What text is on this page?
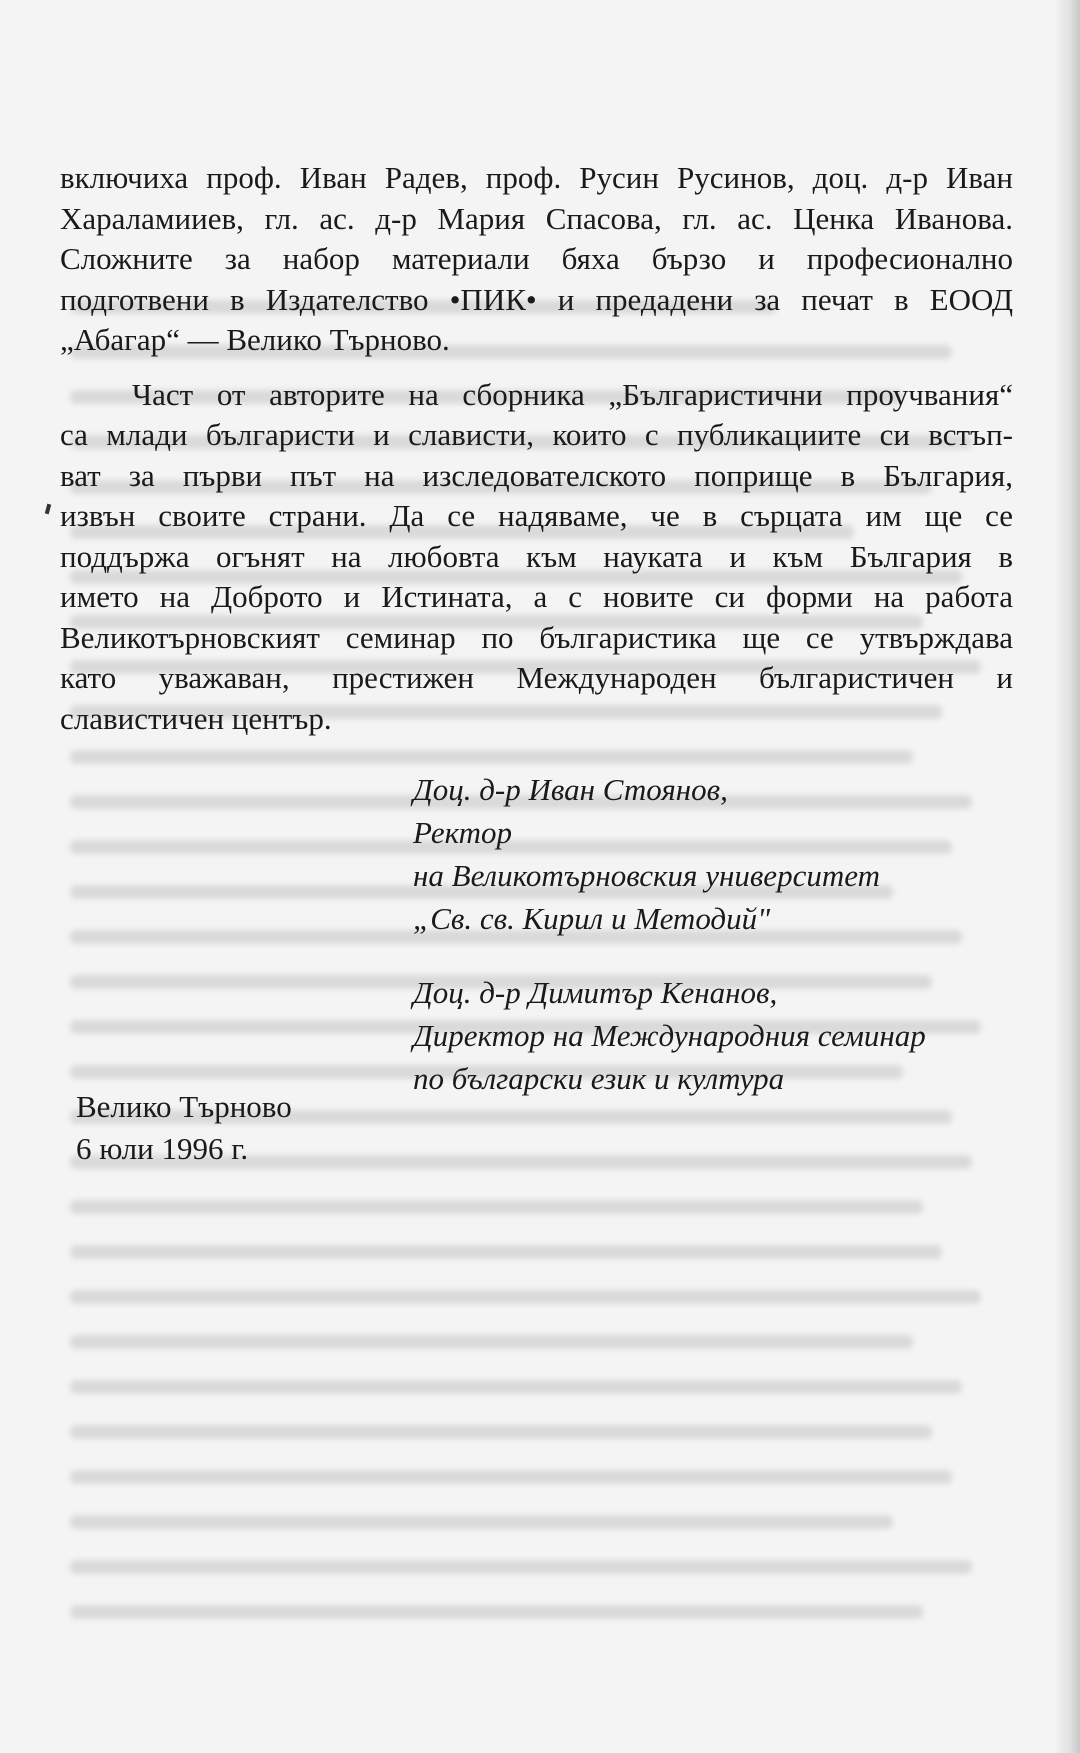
включиха проф. Иван Радев, проф. Русин Русинов, доц. д-р Иван
Хараламииев, гл. ас. д-р Мария Спасова, гл. ас. Ценка Иванова.
Сложните за набор материали бяха бързо и професионално
подготвени в Издателство •ПИК• и предадени за печат в ЕООД
„Абагар“ — Велико Търново.

Част от авторите на сборника „Българистични проучвания“
са млади българисти и слависти, които с публикациите си встъп-
ват за първи път на изследователското поприще в България,
извън своите страни. Да се надяваме, че в сърцата им ще се
поддържа огънят на любовта към науката и към България в
името на Доброто и Истината, а с новите си форми на работа
Великотърновският семинар по българистика ще се утвърждава
като уважаван, престижен Международен българистичен и
славистичен център.

Доц. д-р Иван Стоянов,
Ректор
на Великотърновския университет
„Св. св. Кирил и Методий"
Доц. д-р Димитър Кенанов,
Директор на Международния семинар
по български език и култура
Велико Търново
6 юли 1996 г.
